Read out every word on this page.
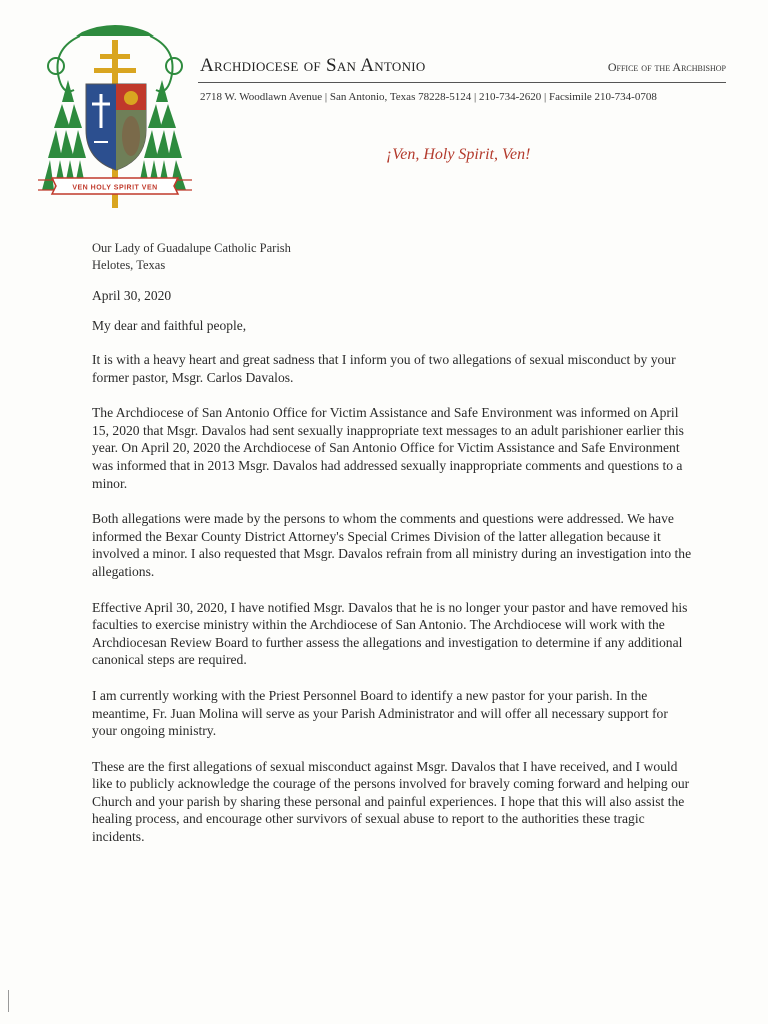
VEN HOLY SPIRIT VEN
Archdiocese of San Antonio	Office of the Archbishop
2718 W. Woodlawn Avenue | San Antonio, Texas 78228-5124 | 210-734-2620 | Facsimile 210-734-0708
¡Ven, Holy Spirit, Ven!
Our Lady of Guadalupe Catholic Parish
Helotes, Texas
April 30, 2020
My dear and faithful people,

It is with a heavy heart and great sadness that I inform you of two allegations of sexual misconduct by your former pastor, Msgr. Carlos Davalos.

The Archdiocese of San Antonio Office for Victim Assistance and Safe Environment was informed on April 15, 2020 that Msgr. Davalos had sent sexually inappropriate text messages to an adult parishioner earlier this year. On April 20, 2020 the Archdiocese of San Antonio Office for Victim Assistance and Safe Environment was informed that in 2013 Msgr. Davalos had addressed sexually inappropriate comments and questions to a minor.

Both allegations were made by the persons to whom the comments and questions were addressed. We have informed the Bexar County District Attorney's Special Crimes Division of the latter allegation because it involved a minor. I also requested that Msgr. Davalos refrain from all ministry during an investigation into the allegations.

Effective April 30, 2020, I have notified Msgr. Davalos that he is no longer your pastor and have removed his faculties to exercise ministry within the Archdiocese of San Antonio. The Archdiocese will work with the Archdiocesan Review Board to further assess the allegations and investigation to determine if any additional canonical steps are required.

I am currently working with the Priest Personnel Board to identify a new pastor for your parish. In the meantime, Fr. Juan Molina will serve as your Parish Administrator and will offer all necessary support for your ongoing ministry.

These are the first allegations of sexual misconduct against Msgr. Davalos that I have received, and I would like to publicly acknowledge the courage of the persons involved for bravely coming forward and helping our Church and your parish by sharing these personal and painful experiences. I hope that this will also assist the healing process, and encourage other survivors of sexual abuse to report to the authorities these tragic incidents.
